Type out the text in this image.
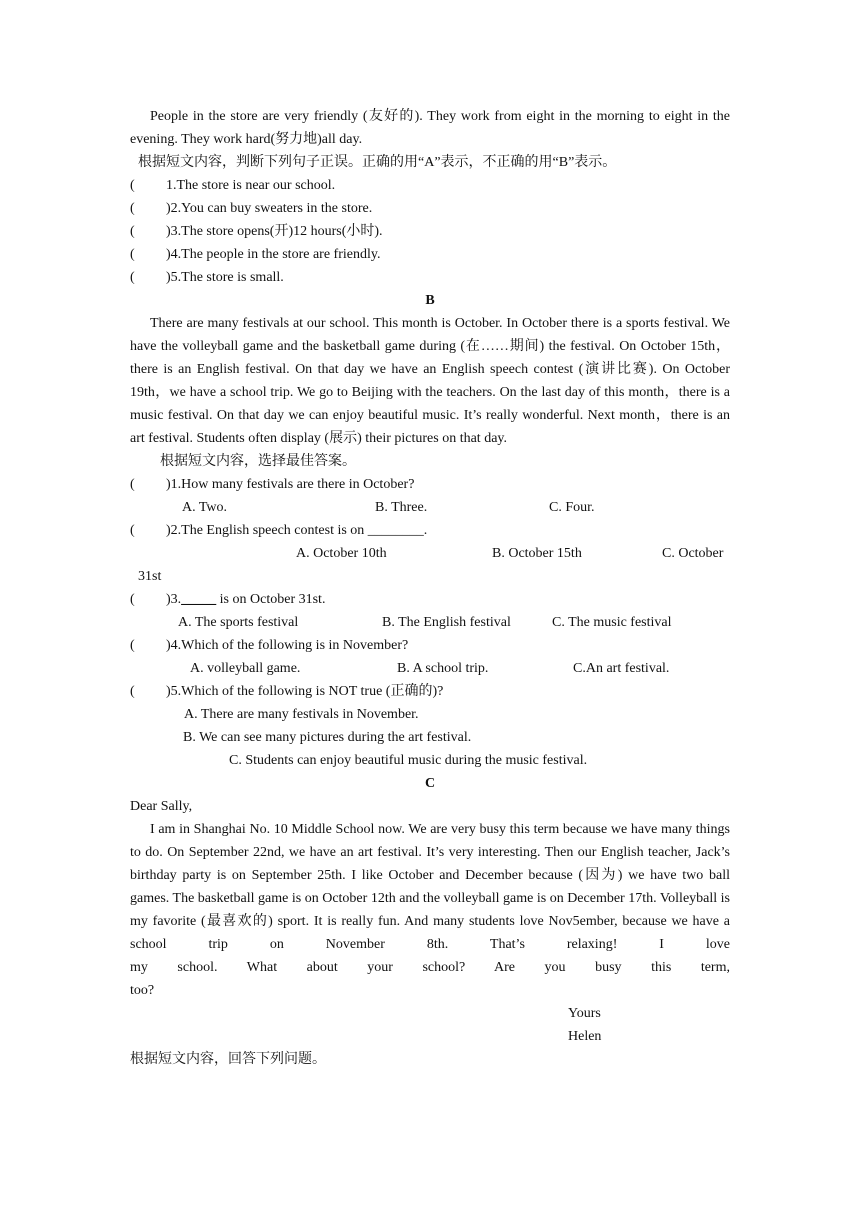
People in the store are very friendly (友好的). They work from eight in the morning to eight in the evening. They work hard(努力地)all day.

根据短文内容，判断下列句子正误。正确的用“A”表示，不正确的用“B”表示。

(	1.The store is near our school.
(	)2.You can buy sweaters in the store.
(	)3.The store opens(开)12 hours(小时).
(	)4.The people in the store are friendly.
(	)5.The store is small.

B

There are many festivals at our school. This month is October. In October there is a sports festival. We have the volleyball game and the basketball game during (在……期间) the festival. On October 15th，there is an English festival. On that day we have an English speech contest (演讲比赛). On October 19th，we have a school trip. We go to Beijing with the teachers. On the last day of this month，there is a music festival. On that day we can enjoy beautiful music. It’s really wonderful. Next month，there is an art festival. Students often display (展示) their pictures on that day.

根据短文内容，选择最佳答案。

(	)1.How many festivals are there in October?
A. Two.	B. Three.	C. Four.
(	)2.The English speech contest is on ________.
A. October 10th	B. October 15th	C. October

31st

(	)3. _____ is on October 31st.
A. The sports festival	B. The English festival	C. The music festival
(	)4.Which of the following is in November?
A. volleyball game.	B. A school trip.	C.An art festival.
(	)5.Which of the following is NOT true (正确的)?

A. There are many festivals in November.

B. We can see many pictures during the art festival.

C. Students can enjoy beautiful music during the music festival.

C

Dear Sally,

I am in Shanghai No. 10 Middle School now. We are very busy this term because we have many things to do. On September 22nd, we have an art festival. It’s very interesting. Then our English teacher, Jack’s birthday party is on September 25th. I like October and December because (因为) we have two ball games. The basketball game is on October 12th and the volleyball game is on December 17th. Volleyball is my favorite (最喜欢的) sport. It is really fun. And many students love Nov5ember, because we have a school trip on November 8th. That’s relaxing! I love

my school. What about your school? Are you busy this term,

too?

Yours

Helen

根据短文内容，回答下列问题。
